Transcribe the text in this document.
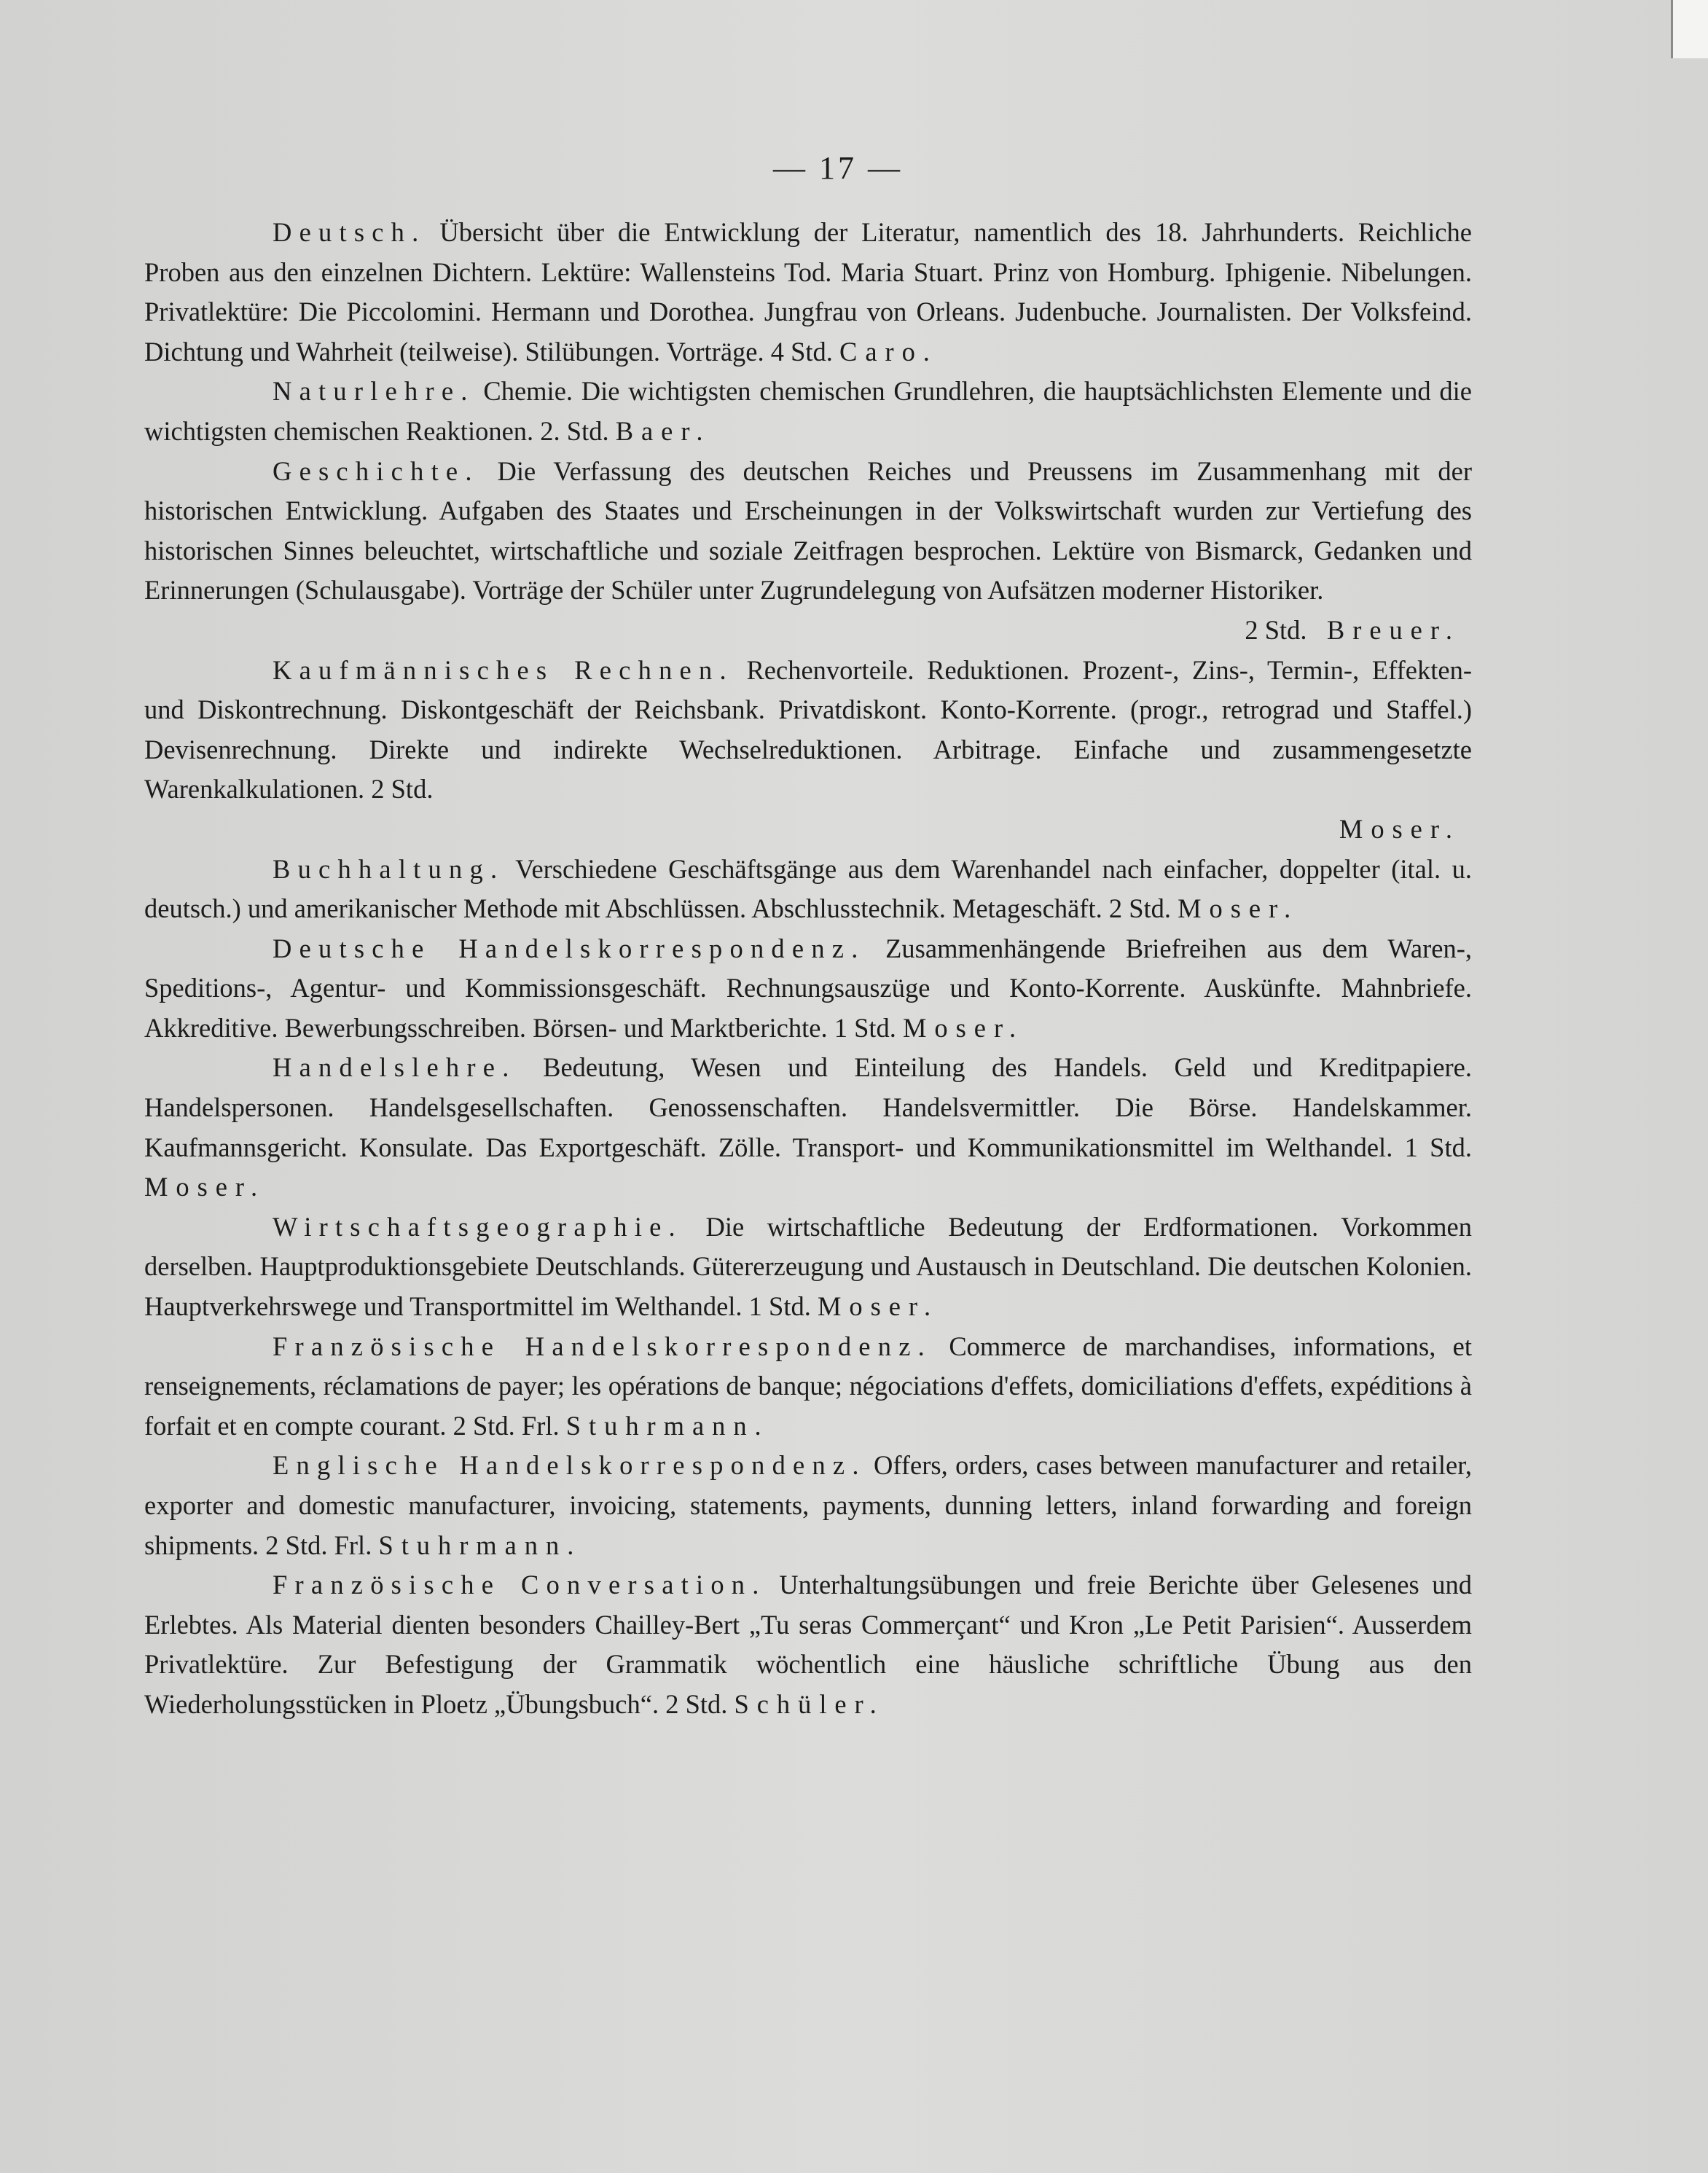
— 17 —

Deutsch. Übersicht über die Entwicklung der Literatur, namentlich des 18. Jahrhunderts. Reichliche Proben aus den einzelnen Dichtern. Lektüre: Wallensteins Tod. Maria Stuart. Prinz von Homburg. Iphigenie. Nibelungen. Privatlektüre: Die Piccolomini. Hermann und Dorothea. Jungfrau von Orleans. Judenbuche. Journalisten. Der Volksfeind. Dichtung und Wahrheit (teilweise). Stilübungen. Vorträge. 4 Std. Caro.

Naturlehre. Chemie. Die wichtigsten chemischen Grundlehren, die hauptsächlichsten Elemente und die wichtigsten chemischen Reaktionen. 2. Std. Baer.

Geschichte. Die Verfassung des deutschen Reiches und Preussens im Zusammenhang mit der historischen Entwicklung. Aufgaben des Staates und Erscheinungen in der Volkswirtschaft wurden zur Vertiefung des historischen Sinnes beleuchtet, wirtschaftliche und soziale Zeitfragen besprochen. Lektüre von Bismarck, Gedanken und Erinnerungen (Schulausgabe). Vorträge der Schüler unter Zugrundelegung von Aufsätzen moderner Historiker.
2 Std. Breuer.

Kaufmännisches Rechnen. Rechenvorteile. Reduktionen. Prozent-, Zins-, Termin-, Effekten- und Diskontrechnung. Diskontgeschäft der Reichsbank. Privatdiskont. Konto-Korrente. (progr., retrograd und Staffel.) Devisenrechnung. Direkte und indirekte Wechselreduktionen. Arbitrage. Einfache und zusammengesetzte Warenkalkulationen. 2 Std.
Moser.

Buchhaltung. Verschiedene Geschäftsgänge aus dem Warenhandel nach einfacher, doppelter (ital. u. deutsch.) und amerikanischer Methode mit Abschlüssen. Abschlusstechnik. Metageschäft. 2 Std. Moser.

Deutsche Handelskorrespondenz. Zusammenhängende Briefreihen aus dem Waren-, Speditions-, Agentur- und Kommissionsgeschäft. Rechnungsauszüge und Konto-Korrente. Auskünfte. Mahnbriefe. Akkreditive. Bewerbungsschreiben. Börsen- und Marktberichte. 1 Std. Moser.

Handelslehre. Bedeutung, Wesen und Einteilung des Handels. Geld und Kreditpapiere. Handelspersonen. Handelsgesellschaften. Genossenschaften. Handelsvermittler. Die Börse. Handelskammer. Kaufmannsgericht. Konsulate. Das Exportgeschäft. Zölle. Transport- und Kommunikationsmittel im Welthandel. 1 Std. Moser.

Wirtschaftsgeographie. Die wirtschaftliche Bedeutung der Erdformationen. Vorkommen derselben. Hauptproduktionsgebiete Deutschlands. Gütererzeugung und Austausch in Deutschland. Die deutschen Kolonien. Hauptverkehrswege und Transportmittel im Welthandel. 1 Std. Moser.

Französische Handelskorrespondenz. Commerce de marchandises, informations, et renseignements, réclamations de payer; les opérations de banque; négociations d'effets, domiciliations d'effets, expéditions à forfait et en compte courant. 2 Std. Frl. Stuhrmann.

Englische Handelskorrespondenz. Offers, orders, cases between manufacturer and retailer, exporter and domestic manufacturer, invoicing, statements, payments, dunning letters, inland forwarding and foreign shipments. 2 Std. Frl. Stuhrmann.

Französische Conversation. Unterhaltungsübungen und freie Berichte über Gelesenes und Erlebtes. Als Material dienten besonders Chailley-Bert „Tu seras Commerçant“ und Kron „Le Petit Parisien“. Ausserdem Privatlektüre. Zur Befestigung der Grammatik wöchentlich eine häusliche schriftliche Übung aus den Wiederholungsstücken in Ploetz „Übungsbuch“. 2 Std. Schüler.
